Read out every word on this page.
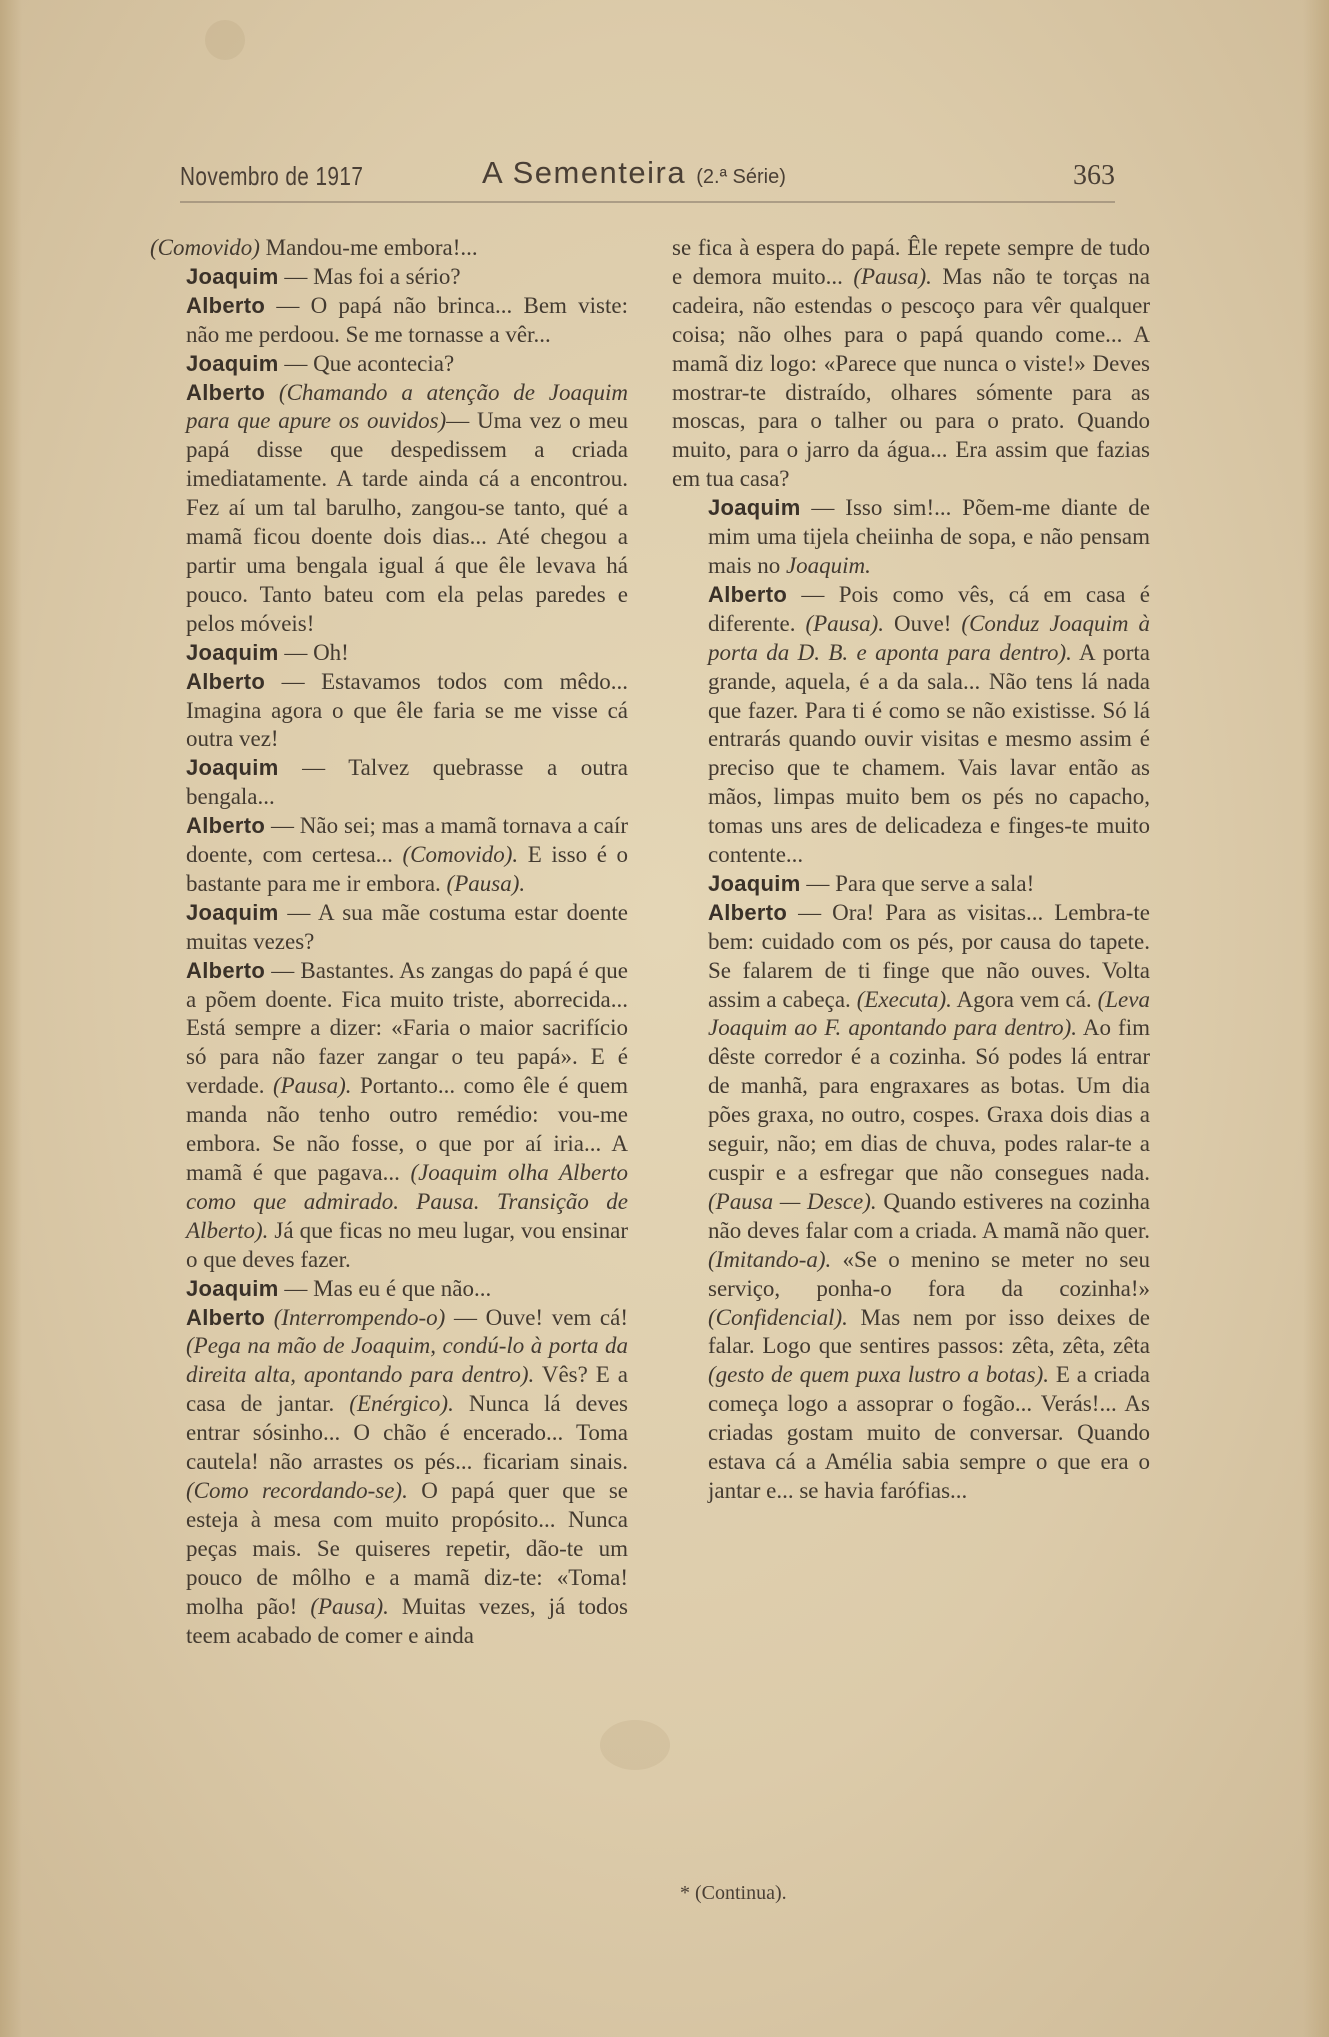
Novembro de 1917	A Sementeira (2.ª Série)	363

(Comovido) Mandou-me embora!...

Joaquim — Mas foi a sério?

Alberto — O papá não brinca... Bem viste: não me perdoou. Se me tornasse a vêr...

Joaquim — Que acontecia?

Alberto (Chamando a atenção de Joaquim para que apure os ouvidos)— Uma vez o meu papá disse que despedissem a criada imediatamente. A tarde ainda cá a encontrou. Fez aí um tal barulho, zangou-se tanto, qué a mamã ficou doente dois dias... Até chegou a partir uma bengala igual á que êle levava há pouco. Tanto bateu com ela pelas paredes e pelos móveis!

Joaquim — Oh!

Alberto — Estavamos todos com mêdo... Imagina agora o que êle faria se me visse cá outra vez!

Joaquim — Talvez quebrasse a outra bengala...

Alberto — Não sei; mas a mamã tornava a caír doente, com certesa... (Comovido). E isso é o bastante para me ir embora. (Pausa).

Joaquim — A sua mãe costuma estar doente muitas vezes?

Alberto — Bastantes. As zangas do papá é que a põem doente. Fica muito triste, aborrecida... Está sempre a dizer: «Faria o maior sacrifício só para não fazer zangar o teu papá». E é verdade. (Pausa). Portanto... como êle é quem manda não tenho outro remédio: vou-me embora. Se não fosse, o que por aí iria... A mamã é que pagava... (Joaquim olha Alberto como que admirado. Pausa. Transição de Alberto). Já que ficas no meu lugar, vou ensinar o que deves fazer.

Joaquim — Mas eu é que não...

Alberto (Interrompendo-o) — Ouve! vem cá! (Pega na mão de Joaquim, condú-lo à porta da direita alta, apontando para dentro). Vês? E a casa de jantar. (Enérgico). Nunca lá deves entrar sósinho... O chão é encerado... Toma cautela! não arrastes os pés... ficariam sinais. (Como recordando-se). O papá quer que se esteja à mesa com muito propósito... Nunca peças mais. Se quiseres repetir, dão-te um pouco de môlho e a mamã diz-te: «Toma! molha pão! (Pausa). Muitas vezes, já todos teem acabado de comer e ainda

se fica à espera do papá. Êle repete sempre de tudo e demora muito... (Pausa). Mas não te torças na cadeira, não estendas o pescoço para vêr qualquer coisa; não olhes para o papá quando come... A mamã diz logo: «Parece que nunca o viste!» Deves mostrar-te distraído, olhares sómente para as moscas, para o talher ou para o prato. Quando muito, para o jarro da água... Era assim que fazias em tua casa?

Joaquim — Isso sim!... Põem-me diante de mim uma tijela cheiinha de sopa, e não pensam mais no Joaquim.

Alberto — Pois como vês, cá em casa é diferente. (Pausa). Ouve! (Conduz Joaquim à porta da D. B. e aponta para dentro). A porta grande, aquela, é a da sala... Não tens lá nada que fazer. Para ti é como se não existisse. Só lá entrarás quando ouvir visitas e mesmo assim é preciso que te chamem. Vais lavar então as mãos, limpas muito bem os pés no capacho, tomas uns ares de delicadeza e finges-te muito contente...

Joaquim — Para que serve a sala!

Alberto — Ora! Para as visitas... Lembra-te bem: cuidado com os pés, por causa do tapete. Se falarem de ti finge que não ouves. Volta assim a cabeça. (Executa). Agora vem cá. (Leva Joaquim ao F. apontando para dentro). Ao fim dêste corredor é a cozinha. Só podes lá entrar de manhã, para engraxares as botas. Um dia pões graxa, no outro, cospes. Graxa dois dias a seguir, não; em dias de chuva, podes ralar-te a cuspir e a esfregar que não consegues nada. (Pausa — Desce). Quando estiveres na cozinha não deves falar com a criada. A mamã não quer. (Imitando-a). «Se o menino se meter no seu serviço, ponha-o fora da cozinha!» (Confidencial). Mas nem por isso deixes de falar. Logo que sentires passos: zêta, zêta, zêta (gesto de quem puxa lustro a botas). E a criada começa logo a assoprar o fogão... Verás!... As criadas gostam muito de conversar. Quando estava cá a Amélia sabia sempre o que era o jantar e... se havia farófias...

* (Continua).
